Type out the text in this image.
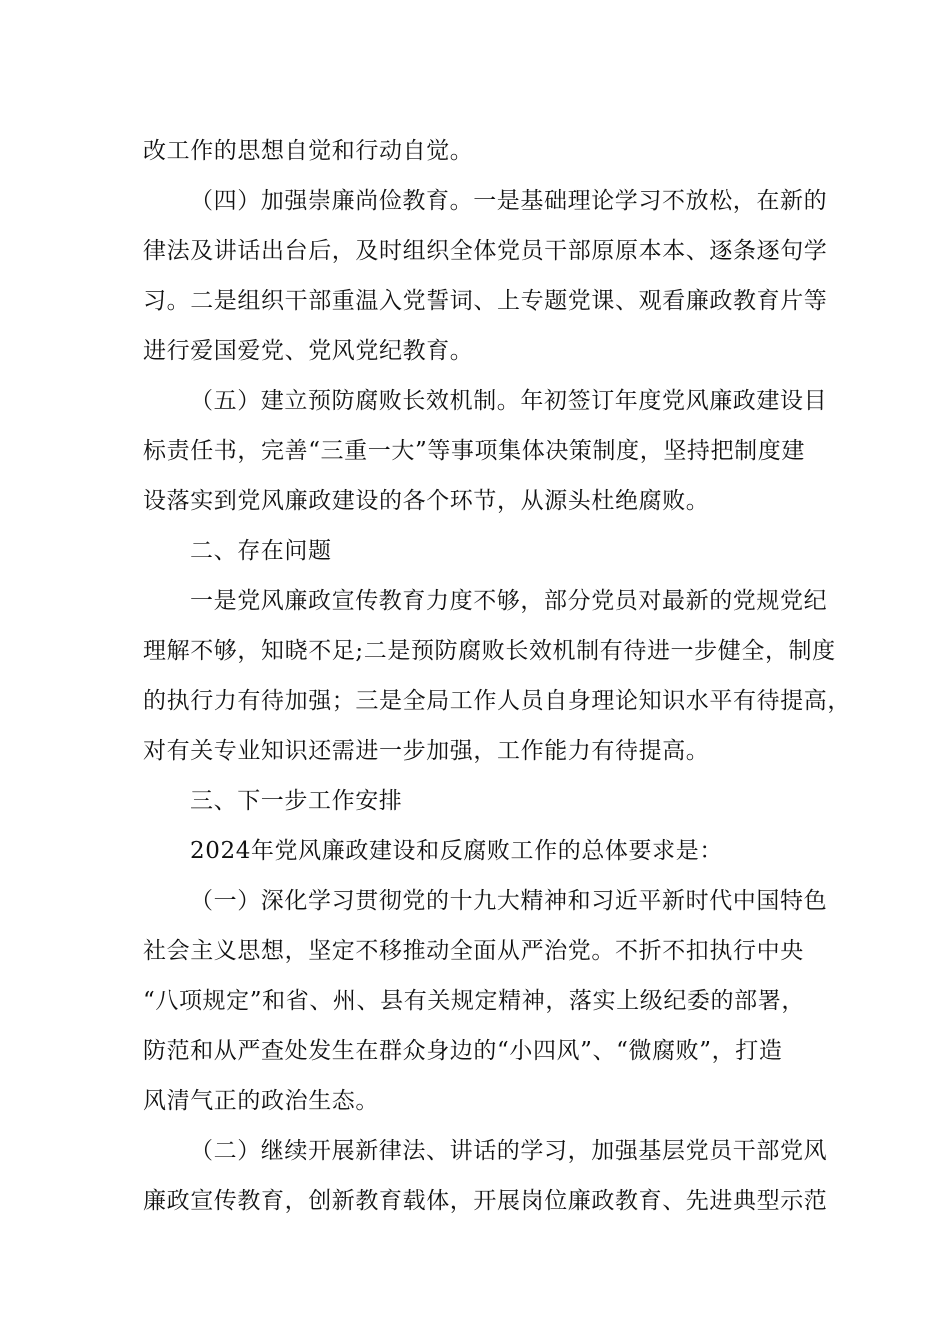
改工作的思想自觉和行动自觉。

（四）加强崇廉尚俭教育。一是基础理论学习不放松，在新的

律法及讲话出台后，及时组织全体党员干部原原本本、逐条逐句学

习。二是组织干部重温入党誓词、上专题党课、观看廉政教育片等

进行爱国爱党、党风党纪教育。

（五）建立预防腐败长效机制。年初签订年度党风廉政建设目

标责任书，完善“三重一大”等事项集体决策制度，坚持把制度建

设落实到党风廉政建设的各个环节，从源头杜绝腐败。

二、存在问题

一是党风廉政宣传教育力度不够，部分党员对最新的党规党纪

理解不够，知晓不足;二是预防腐败长效机制有待进一步健全，制度

的执行力有待加强；三是全局工作人员自身理论知识水平有待提高，

对有关专业知识还需进一步加强，工作能力有待提高。

三、下一步工作安排

2024年党风廉政建设和反腐败工作的总体要求是：

（一）深化学习贯彻党的十九大精神和习近平新时代中国特色

社会主义思想，坚定不移推动全面从严治党。不折不扣执行中央

“八项规定”和省、州、县有关规定精神，落实上级纪委的部署，

防范和从严查处发生在群众身边的“小四风”、“微腐败”，打造

风清气正的政治生态。

（二）继续开展新律法、讲话的学习，加强基层党员干部党风

廉政宣传教育，创新教育载体，开展岗位廉政教育、先进典型示范
